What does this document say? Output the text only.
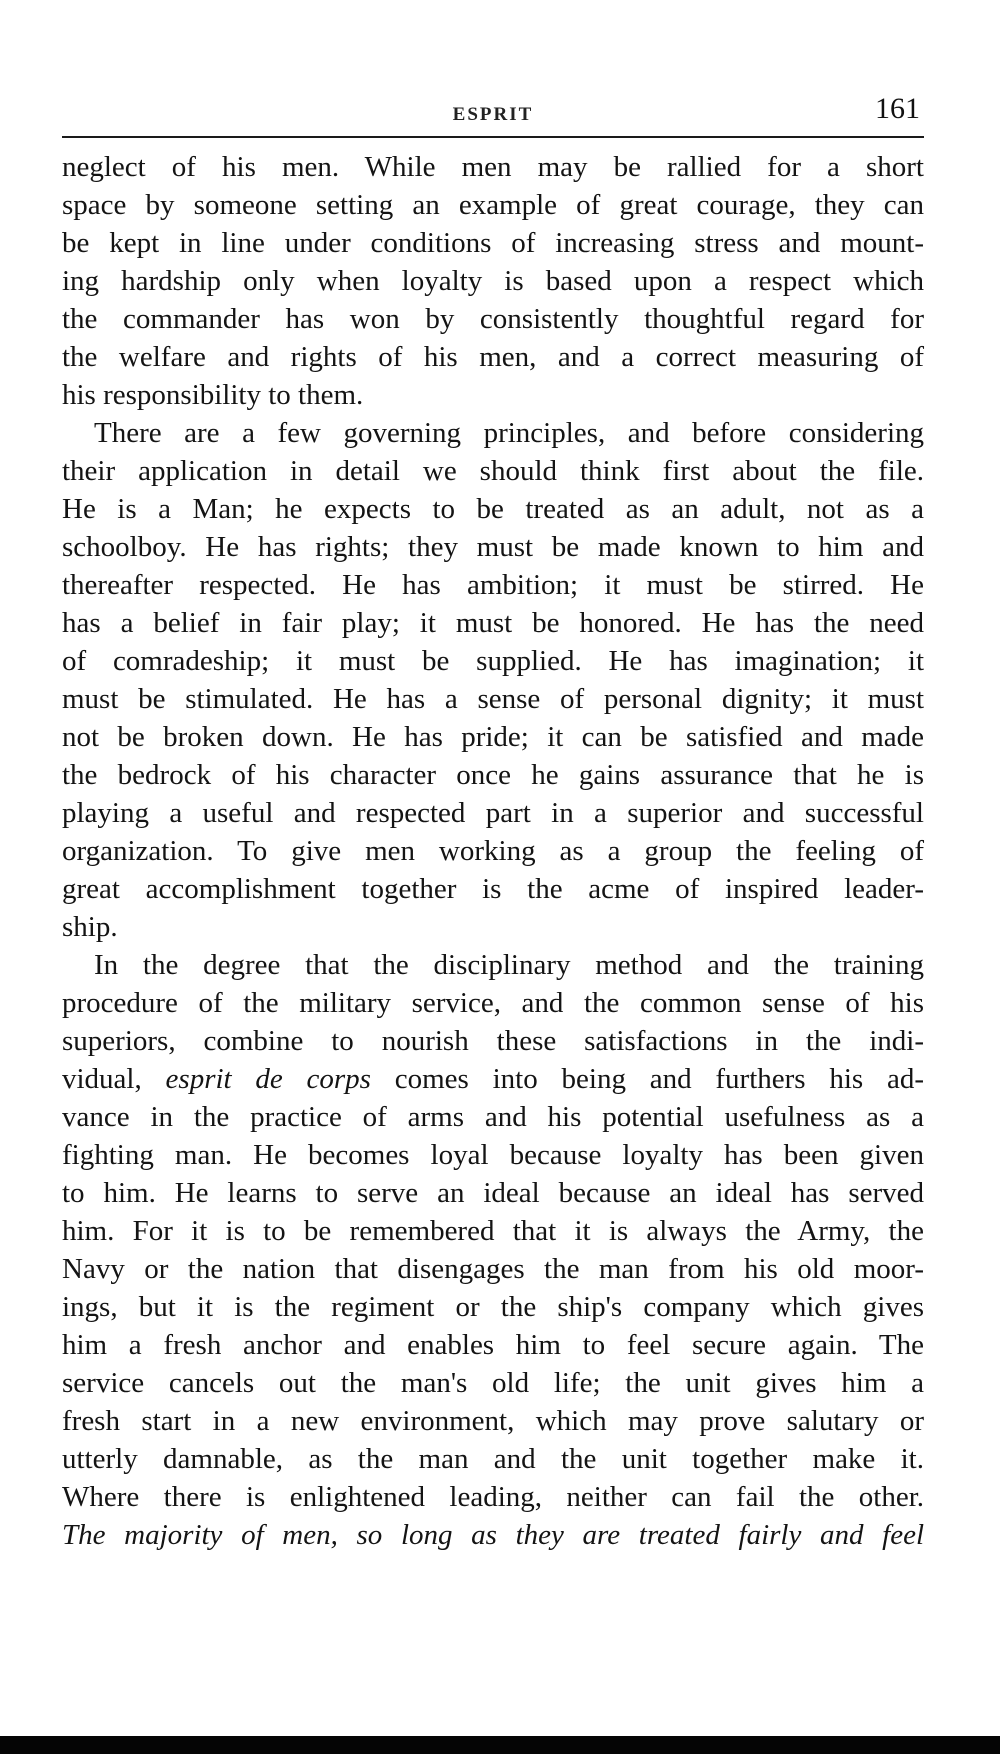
ESPRIT	161
neglect of his men. While men may be rallied for a short
space by someone setting an example of great courage, they can
be kept in line under conditions of increasing stress and mount-
ing hardship only when loyalty is based upon a respect which
the commander has won by consistently thoughtful regard for
the welfare and rights of his men, and a correct measuring of
his responsibility to them.
There are a few governing principles, and before considering
their application in detail we should think first about the file.
He is a Man; he expects to be treated as an adult, not as a
schoolboy. He has rights; they must be made known to him and
thereafter respected. He has ambition; it must be stirred. He
has a belief in fair play; it must be honored. He has the need
of comradeship; it must be supplied. He has imagination; it
must be stimulated. He has a sense of personal dignity; it must
not be broken down. He has pride; it can be satisfied and made
the bedrock of his character once he gains assurance that he is
playing a useful and respected part in a superior and successful
organization. To give men working as a group the feeling of
great accomplishment together is the acme of inspired leader-
ship.
In the degree that the disciplinary method and the training
procedure of the military service, and the common sense of his
superiors, combine to nourish these satisfactions in the indi-
vidual, esprit de corps comes into being and furthers his ad-
vance in the practice of arms and his potential usefulness as a
fighting man. He becomes loyal because loyalty has been given
to him. He learns to serve an ideal because an ideal has served
him. For it is to be remembered that it is always the Army, the
Navy or the nation that disengages the man from his old moor-
ings, but it is the regiment or the ship's company which gives
him a fresh anchor and enables him to feel secure again. The
service cancels out the man's old life; the unit gives him a
fresh start in a new environment, which may prove salutary or
utterly damnable, as the man and the unit together make it.
Where there is enlightened leading, neither can fail the other.
The majority of men, so long as they are treated fairly and feel
